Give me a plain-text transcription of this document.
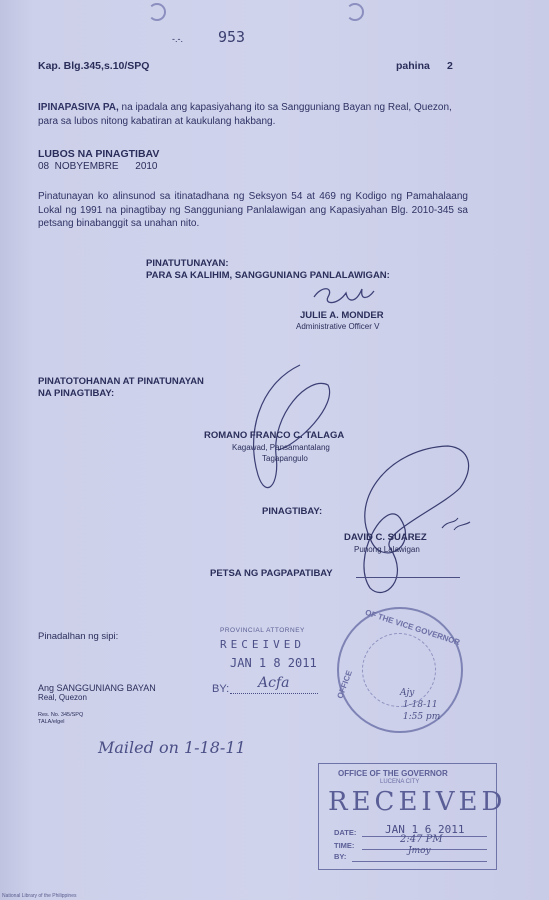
-.-. 953
Kap. Blg.345,s.10/SPQ	pahina 2
IPINAPASIVA PA, na ipadala ang kapasiyahang ito sa Sangguniang Bayan ng Real, Quezon, para sa lubos nitong kabatiran at kaukulang hakbang.
LUBOS NA PINAGTIBAV
08  NOBYEMBRE      2010
Pinatunayan ko alinsunod sa itinatadhana ng Seksyon 54 at 469 ng Kodigo ng Pamahalaang Lokal ng 1991 na pinagtibay ng Sangguniang Panlalawigan ang Kapasiyahan Blg. 2010-345 sa petsang binabanggit sa unahan nito.
PINATUTUNAYAN:
PARA SA KALIHIM, SANGGUNIANG PANLALAWIGAN:
JULIE A. MONDER
Administrative Officer V
PINATOTOHANAN AT PINATUNAYAN
NA PINAGTIBAY:
ROMANO FRANCO C. TALAGA
Kagawad, Pansamantalang
Tagapangulo
PINAGTIBAY:
DAVID C. SUAREZ
Punong Lalawigan
PETSA NG PAGPAPATIBAY
Pinadalhan ng sipi:
Ang SANGGUNIANG BAYAN
Real, Quezon
Res. No. 345/SPQ
TALA/elgel
PROVINCIAL ATTORNEY
RECEIVED
JAN 1 8 2011
BY: Acfa
OF THE VICE GOVERNOR
OFFICE	Ajy
1-18-11
1:55 pm
Mailed on 1-18-11
OFFICE OF THE GOVERNOR
LUCENA CITY
RECEIVED
DATE:	JAN 1 6 2011
TIME:
2:47 PM
BY:
Jmoy
National Library of the Philippines
